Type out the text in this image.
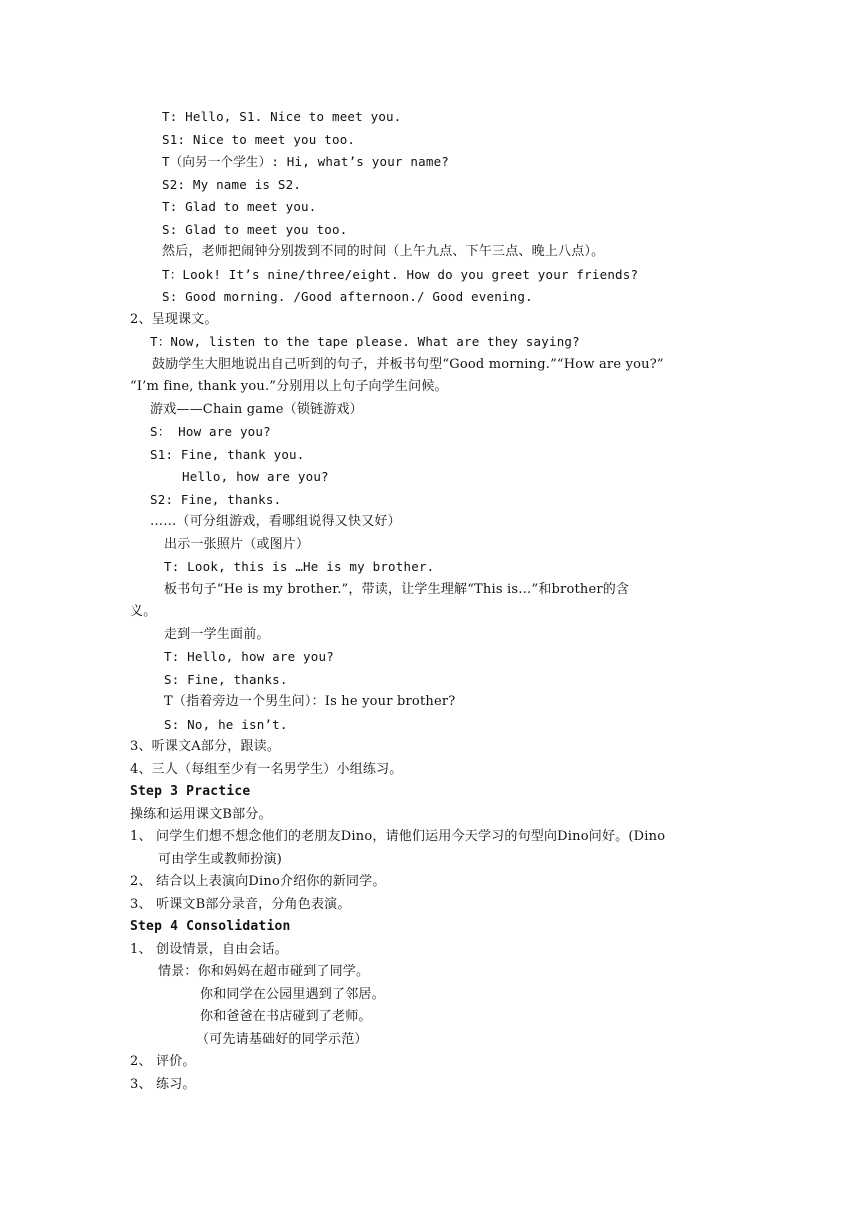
T: Hello, S1. Nice to meet you.
S1: Nice to meet you too.
T（向另一个学生）: Hi, what’s your name?
S2: My name is S2.
T: Glad to meet you.
S: Glad to meet you too.
然后，老师把闹钟分别拨到不同的时间（上午九点、下午三点、晚上八点）。
T：Look! It’s nine/three/eight. How do you greet your friends?
S: Good morning. /Good afternoon./ Good evening.
2、呈现课文。
T：Now, listen to the tape please. What are they saying?
鼓励学生大胆地说出自己听到的句子，并板书句型“Good morning.”“How are you?”
“I’m fine, thank you.”分别用以上句子向学生问候。
游戏——Chain game（锁链游戏）
S： How are you?
S1: Fine, thank you.
Hello, how are you?
S2: Fine, thanks.
……（可分组游戏，看哪组说得又快又好）
出示一张照片（或图片）
T: Look, this is …He is my brother.
板书句子“He is my brother.”，带读，让学生理解“This is…”和brother的含
义。
走到一学生面前。
T: Hello, how are you?
S: Fine, thanks.
T（指着旁边一个男生问）：Is he your brother?
S: No, he isn’t.
3、听课文A部分，跟读。
4、三人（每组至少有一名男学生）小组练习。
Step 3 Practice
操练和运用课文B部分。
1、 问学生们想不想念他们的老朋友Dino，请他们运用今天学习的句型向Dino问好。(Dino
可由学生或教师扮演)
2、 结合以上表演向Dino介绍你的新同学。
3、 听课文B部分录音，分角色表演。
Step 4 Consolidation
1、 创设情景，自由会话。
情景：你和妈妈在超市碰到了同学。
你和同学在公园里遇到了邻居。
你和爸爸在书店碰到了老师。
（可先请基础好的同学示范）
2、 评价。
3、 练习。
